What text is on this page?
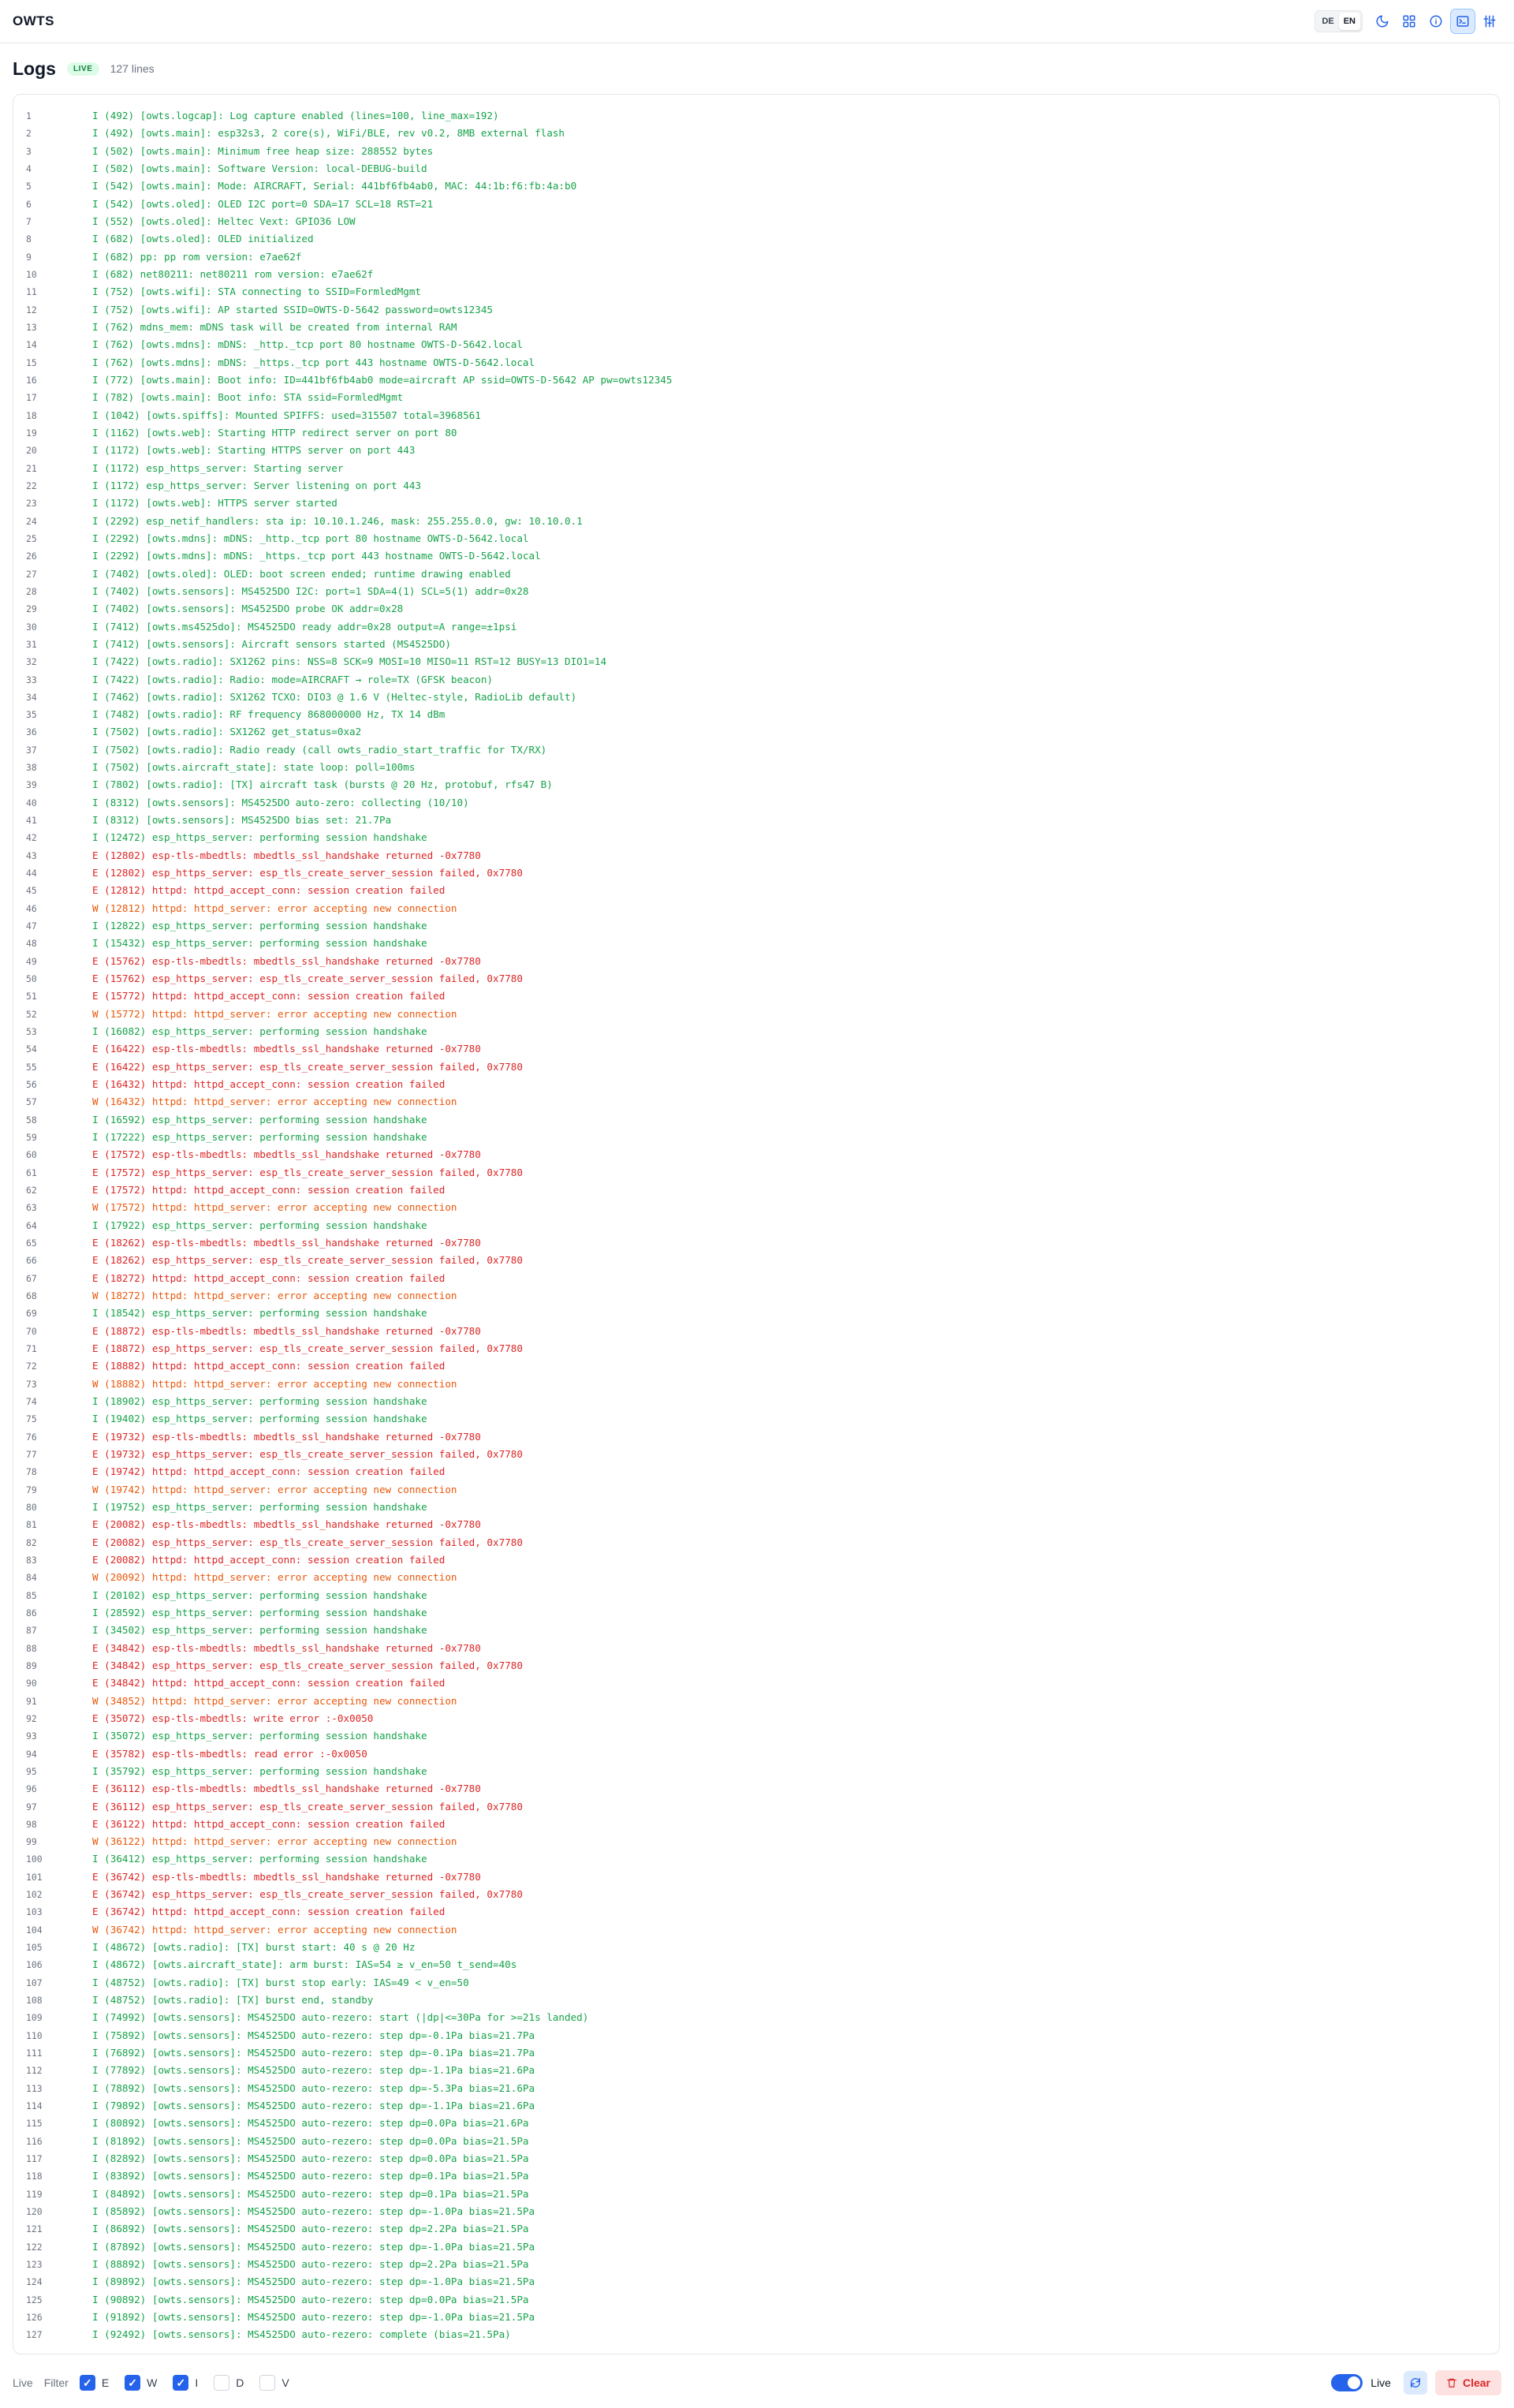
OWTS	DE	EN
Logs	LIVE	127 lines
1	I (492) [owts.logcap]: Log capture enabled (lines=100, line_max=192)
2	I (492) [owts.main]: esp32s3, 2 core(s), WiFi/BLE, rev v0.2, 8MB external flash
3	I (502) [owts.main]: Minimum free heap size: 288552 bytes
4	I (502) [owts.main]: Software Version: local-DEBUG-build
5	I (542) [owts.main]: Mode: AIRCRAFT, Serial: 441bf6fb4ab0, MAC: 44:1b:f6:fb:4a:b0
6	I (542) [owts.oled]: OLED I2C port=0 SDA=17 SCL=18 RST=21
7	I (552) [owts.oled]: Heltec Vext: GPIO36 LOW
8	I (682) [owts.oled]: OLED initialized
9	I (682) pp: pp rom version: e7ae62f
10	I (682) net80211: net80211 rom version: e7ae62f
11	I (752) [owts.wifi]: STA connecting to SSID=FormledMgmt
12	I (752) [owts.wifi]: AP started SSID=OWTS-D-5642 password=owts12345
13	I (762) mdns_mem: mDNS task will be created from internal RAM
14	I (762) [owts.mdns]: mDNS: _http._tcp port 80 hostname OWTS-D-5642.local
15	I (762) [owts.mdns]: mDNS: _https._tcp port 443 hostname OWTS-D-5642.local
16	I (772) [owts.main]: Boot info: ID=441bf6fb4ab0 mode=aircraft AP ssid=OWTS-D-5642 AP pw=owts12345
17	I (782) [owts.main]: Boot info: STA ssid=FormledMgmt
18	I (1042) [owts.spiffs]: Mounted SPIFFS: used=315507 total=3968561
19	I (1162) [owts.web]: Starting HTTP redirect server on port 80
20	I (1172) [owts.web]: Starting HTTPS server on port 443
21	I (1172) esp_https_server: Starting server
22	I (1172) esp_https_server: Server listening on port 443
23	I (1172) [owts.web]: HTTPS server started
24	I (2292) esp_netif_handlers: sta ip: 10.10.1.246, mask: 255.255.0.0, gw: 10.10.0.1
25	I (2292) [owts.mdns]: mDNS: _http._tcp port 80 hostname OWTS-D-5642.local
26	I (2292) [owts.mdns]: mDNS: _https._tcp port 443 hostname OWTS-D-5642.local
27	I (7402) [owts.oled]: OLED: boot screen ended; runtime drawing enabled
28	I (7402) [owts.sensors]: MS4525DO I2C: port=1 SDA=4(1) SCL=5(1) addr=0x28
29	I (7402) [owts.sensors]: MS4525DO probe OK addr=0x28
30	I (7412) [owts.ms4525do]: MS4525DO ready addr=0x28 output=A range=±1psi
31	I (7412) [owts.sensors]: Aircraft sensors started (MS4525DO)
32	I (7422) [owts.radio]: SX1262 pins: NSS=8 SCK=9 MOSI=10 MISO=11 RST=12 BUSY=13 DIO1=14
33	I (7422) [owts.radio]: Radio: mode=AIRCRAFT → role=TX (GFSK beacon)
34	I (7462) [owts.radio]: SX1262 TCXO: DIO3 @ 1.6 V (Heltec-style, RadioLib default)
35	I (7482) [owts.radio]: RF frequency 868000000 Hz, TX 14 dBm
36	I (7502) [owts.radio]: SX1262 get_status=0xa2
37	I (7502) [owts.radio]: Radio ready (call owts_radio_start_traffic for TX/RX)
38	I (7502) [owts.aircraft_state]: state loop: poll=100ms
39	I (7802) [owts.radio]: [TX] aircraft task (bursts @ 20 Hz, protobuf, rfs47 B)
40	I (8312) [owts.sensors]: MS4525DO auto-zero: collecting (10/10)
41	I (8312) [owts.sensors]: MS4525DO bias set: 21.7Pa
42	I (12472) esp_https_server: performing session handshake
43	E (12802) esp-tls-mbedtls: mbedtls_ssl_handshake returned -0x7780
44	E (12802) esp_https_server: esp_tls_create_server_session failed, 0x7780
45	E (12812) httpd: httpd_accept_conn: session creation failed
46	W (12812) httpd: httpd_server: error accepting new connection
47	I (12822) esp_https_server: performing session handshake
48	I (15432) esp_https_server: performing session handshake
49	E (15762) esp-tls-mbedtls: mbedtls_ssl_handshake returned -0x7780
50	E (15762) esp_https_server: esp_tls_create_server_session failed, 0x7780
51	E (15772) httpd: httpd_accept_conn: session creation failed
52	W (15772) httpd: httpd_server: error accepting new connection
53	I (16082) esp_https_server: performing session handshake
54	E (16422) esp-tls-mbedtls: mbedtls_ssl_handshake returned -0x7780
55	E (16422) esp_https_server: esp_tls_create_server_session failed, 0x7780
56	E (16432) httpd: httpd_accept_conn: session creation failed
57	W (16432) httpd: httpd_server: error accepting new connection
58	I (16592) esp_https_server: performing session handshake
59	I (17222) esp_https_server: performing session handshake
60	E (17572) esp-tls-mbedtls: mbedtls_ssl_handshake returned -0x7780
61	E (17572) esp_https_server: esp_tls_create_server_session failed, 0x7780
62	E (17572) httpd: httpd_accept_conn: session creation failed
63	W (17572) httpd: httpd_server: error accepting new connection
64	I (17922) esp_https_server: performing session handshake
65	E (18262) esp-tls-mbedtls: mbedtls_ssl_handshake returned -0x7780
66	E (18262) esp_https_server: esp_tls_create_server_session failed, 0x7780
67	E (18272) httpd: httpd_accept_conn: session creation failed
68	W (18272) httpd: httpd_server: error accepting new connection
69	I (18542) esp_https_server: performing session handshake
70	E (18872) esp-tls-mbedtls: mbedtls_ssl_handshake returned -0x7780
71	E (18872) esp_https_server: esp_tls_create_server_session failed, 0x7780
72	E (18882) httpd: httpd_accept_conn: session creation failed
73	W (18882) httpd: httpd_server: error accepting new connection
74	I (18902) esp_https_server: performing session handshake
75	I (19402) esp_https_server: performing session handshake
76	E (19732) esp-tls-mbedtls: mbedtls_ssl_handshake returned -0x7780
77	E (19732) esp_https_server: esp_tls_create_server_session failed, 0x7780
78	E (19742) httpd: httpd_accept_conn: session creation failed
79	W (19742) httpd: httpd_server: error accepting new connection
80	I (19752) esp_https_server: performing session handshake
81	E (20082) esp-tls-mbedtls: mbedtls_ssl_handshake returned -0x7780
82	E (20082) esp_https_server: esp_tls_create_server_session failed, 0x7780
83	E (20082) httpd: httpd_accept_conn: session creation failed
84	W (20092) httpd: httpd_server: error accepting new connection
85	I (20102) esp_https_server: performing session handshake
86	I (28592) esp_https_server: performing session handshake
87	I (34502) esp_https_server: performing session handshake
88	E (34842) esp-tls-mbedtls: mbedtls_ssl_handshake returned -0x7780
89	E (34842) esp_https_server: esp_tls_create_server_session failed, 0x7780
90	E (34842) httpd: httpd_accept_conn: session creation failed
91	W (34852) httpd: httpd_server: error accepting new connection
92	E (35072) esp-tls-mbedtls: write error :-0x0050
93	I (35072) esp_https_server: performing session handshake
94	E (35782) esp-tls-mbedtls: read error :-0x0050
95	I (35792) esp_https_server: performing session handshake
96	E (36112) esp-tls-mbedtls: mbedtls_ssl_handshake returned -0x7780
97	E (36112) esp_https_server: esp_tls_create_server_session failed, 0x7780
98	E (36122) httpd: httpd_accept_conn: session creation failed
99	W (36122) httpd: httpd_server: error accepting new connection
100	I (36412) esp_https_server: performing session handshake
101	E (36742) esp-tls-mbedtls: mbedtls_ssl_handshake returned -0x7780
102	E (36742) esp_https_server: esp_tls_create_server_session failed, 0x7780
103	E (36742) httpd: httpd_accept_conn: session creation failed
104	W (36742) httpd: httpd_server: error accepting new connection
105	I (48672) [owts.radio]: [TX] burst start: 40 s @ 20 Hz
106	I (48672) [owts.aircraft_state]: arm burst: IAS=54 ≥ v_en=50 t_send=40s
107	I (48752) [owts.radio]: [TX] burst stop early: IAS=49 < v_en=50
108	I (48752) [owts.radio]: [TX] burst end, standby
109	I (74992) [owts.sensors]: MS4525DO auto-rezero: start (|dp|<=30Pa for >=21s landed)
110	I (75892) [owts.sensors]: MS4525DO auto-rezero: step dp=-0.1Pa bias=21.7Pa
111	I (76892) [owts.sensors]: MS4525DO auto-rezero: step dp=-0.1Pa bias=21.7Pa
112	I (77892) [owts.sensors]: MS4525DO auto-rezero: step dp=-1.1Pa bias=21.6Pa
113	I (78892) [owts.sensors]: MS4525DO auto-rezero: step dp=-5.3Pa bias=21.6Pa
114	I (79892) [owts.sensors]: MS4525DO auto-rezero: step dp=-1.1Pa bias=21.6Pa
115	I (80892) [owts.sensors]: MS4525DO auto-rezero: step dp=0.0Pa bias=21.6Pa
116	I (81892) [owts.sensors]: MS4525DO auto-rezero: step dp=0.0Pa bias=21.5Pa
117	I (82892) [owts.sensors]: MS4525DO auto-rezero: step dp=0.0Pa bias=21.5Pa
118	I (83892) [owts.sensors]: MS4525DO auto-rezero: step dp=0.1Pa bias=21.5Pa
119	I (84892) [owts.sensors]: MS4525DO auto-rezero: step dp=0.1Pa bias=21.5Pa
120	I (85892) [owts.sensors]: MS4525DO auto-rezero: step dp=-1.0Pa bias=21.5Pa
121	I (86892) [owts.sensors]: MS4525DO auto-rezero: step dp=2.2Pa bias=21.5Pa
122	I (87892) [owts.sensors]: MS4525DO auto-rezero: step dp=-1.0Pa bias=21.5Pa
123	I (88892) [owts.sensors]: MS4525DO auto-rezero: step dp=2.2Pa bias=21.5Pa
124	I (89892) [owts.sensors]: MS4525DO auto-rezero: step dp=-1.0Pa bias=21.5Pa
125	I (90892) [owts.sensors]: MS4525DO auto-rezero: step dp=0.0Pa bias=21.5Pa
126	I (91892) [owts.sensors]: MS4525DO auto-rezero: step dp=-1.0Pa bias=21.5Pa
127	I (92492) [owts.sensors]: MS4525DO auto-rezero: complete (bias=21.5Pa)
Live Filter ✓	E ✓	W ✓	I	D	V	Live	Clear
